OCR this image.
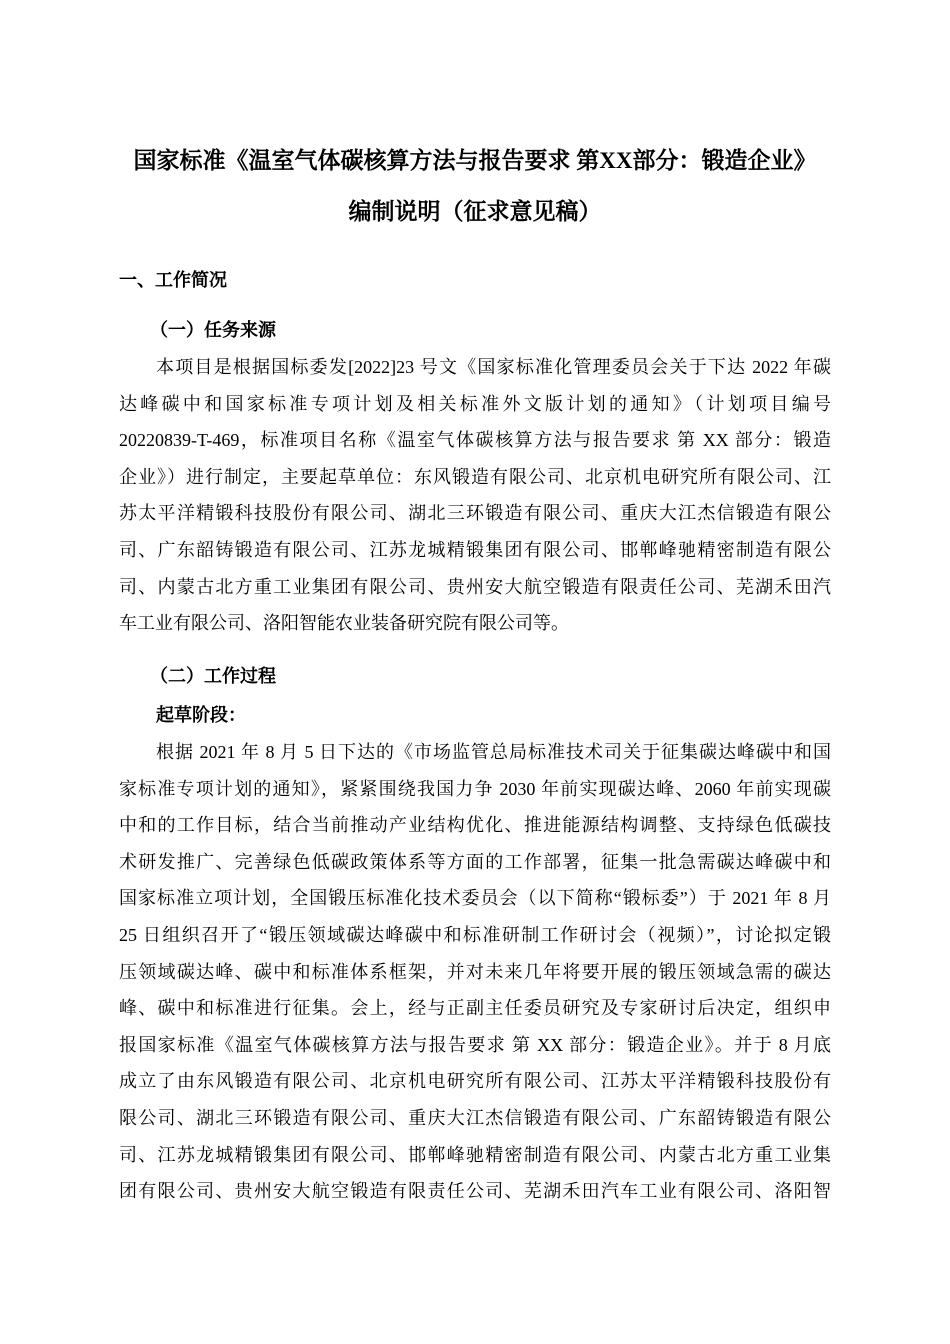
国家标准《温室气体碳核算方法与报告要求 第XX部分：锻造企业》
编制说明（征求意见稿）
一、工作简况
（一）任务来源
本项目是根据国标委发[2022]23 号文《国家标准化管理委员会关于下达 2022 年碳
达峰碳中和国家标准专项计划及相关标准外文版计划的通知》（计划项目编号
20220839-T-469，标准项目名称《温室气体碳核算方法与报告要求 第 XX 部分：锻造
企业》）进行制定，主要起草单位：东风锻造有限公司、北京机电研究所有限公司、江
苏太平洋精锻科技股份有限公司、湖北三环锻造有限公司、重庆大江杰信锻造有限公
司、广东韶铸锻造有限公司、江苏龙城精锻集团有限公司、邯郸峰驰精密制造有限公
司、内蒙古北方重工业集团有限公司、贵州安大航空锻造有限责任公司、芜湖禾田汽
车工业有限公司、洛阳智能农业装备研究院有限公司等。
（二）工作过程
起草阶段：
根据 2021 年 8 月 5 日下达的《市场监管总局标准技术司关于征集碳达峰碳中和国
家标准专项计划的通知》，紧紧围绕我国力争 2030 年前实现碳达峰、2060 年前实现碳
中和的工作目标，结合当前推动产业结构优化、推进能源结构调整、支持绿色低碳技
术研发推广、完善绿色低碳政策体系等方面的工作部署，征集一批急需碳达峰碳中和
国家标准立项计划，全国锻压标准化技术委员会（以下简称“锻标委”）于 2021 年 8 月
25 日组织召开了“锻压领域碳达峰碳中和标准研制工作研讨会（视频）”，讨论拟定锻
压领域碳达峰、碳中和标准体系框架，并对未来几年将要开展的锻压领域急需的碳达
峰、碳中和标准进行征集。会上，经与正副主任委员研究及专家研讨后决定，组织申
报国家标准《温室气体碳核算方法与报告要求 第 XX 部分：锻造企业》。并于 8 月底
成立了由东风锻造有限公司、北京机电研究所有限公司、江苏太平洋精锻科技股份有
限公司、湖北三环锻造有限公司、重庆大江杰信锻造有限公司、广东韶铸锻造有限公
司、江苏龙城精锻集团有限公司、邯郸峰驰精密制造有限公司、内蒙古北方重工业集
团有限公司、贵州安大航空锻造有限责任公司、芜湖禾田汽车工业有限公司、洛阳智
